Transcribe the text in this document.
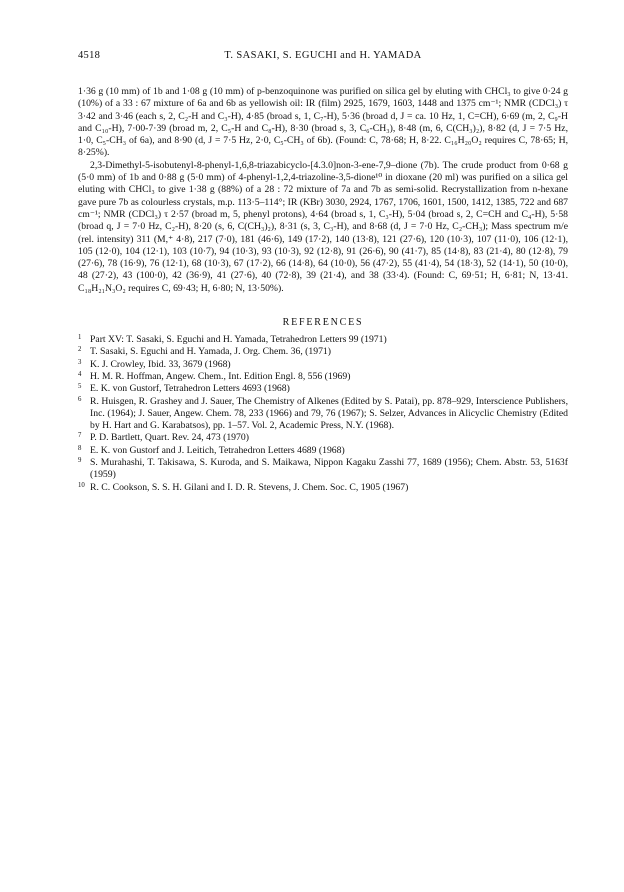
4518	T. SASAKI, S. EGUCHI and H. YAMADA

1·36 g (10 mm) of 1b and 1·08 g (10 mm) of p-benzoquinone was purified on silica gel by eluting with CHCl₃ to give 0·24 g (10%) of a 33 : 67 mixture of 6a and 6b as yellowish oil: IR (film) 2925, 1679, 1603, 1448 and 1375 cm⁻¹; NMR (CDCl₃) τ 3·42 and 3·46 (each s, 2, C₂-H and C₃-H), 4·85 (broad s, 1, C₇-H), 5·36 (broad d, J = ca. 10 Hz, 1, C=CH), 6·69 (m, 2, C₉-H and C₁₀-H), 7·00-7·39 (broad m, 2, C₅-H and C₈-H), 8·30 (broad s, 3, C₆-CH₃), 8·48 (m, 6, C(CH₃)₂), 8·82 (d, J = 7·5 Hz, 1·0, C₅-CH₃ of 6a), and 8·90 (d, J = 7·5 Hz, 2·0, C₅-CH₃ of 6b). (Found: C, 78·68; H, 8·22. C₁₆H₂₀O₂ requires C, 78·65; H, 8·25%).

2,3-Dimethyl-5-isobutenyl-8-phenyl-1,6,8-triazabicyclo-[4.3.0]non-3-ene-7,9–dione (7b). The crude product from 0·68 g (5·0 mm) of 1b and 0·88 g (5·0 mm) of 4-phenyl-1,2,4-triazoline-3,5-dione¹⁰ in dioxane (20 ml) was purified on a silica gel eluting with CHCl₃ to give 1·38 g (88%) of a 28 : 72 mixture of 7a and 7b as semi-solid. Recrystallization from n-hexane gave pure 7b as colourless crystals, m.p. 113·5–114°; IR (KBr) 3030, 2924, 1767, 1706, 1601, 1500, 1412, 1385, 722 and 687 cm⁻¹; NMR (CDCl₃) τ 2·57 (broad m, 5, phenyl protons), 4·64 (broad s, 1, C₃-H), 5·04 (broad s, 2, C=CH and C₄-H), 5·58 (broad q, J = 7·0 Hz, C₂-H), 8·20 (s, 6, C(CH₃)₂), 8·31 (s, 3, C₃-H), and 8·68 (d, J = 7·0 Hz, C₂-CH₃); Mass spectrum m/e (rel. intensity) 311 (M,⁺ 4·8), 217 (7·0), 181 (46·6), 149 (17·2), 140 (13·8), 121 (27·6), 120 (10·3), 107 (11·0), 106 (12·1), 105 (12·0), 104 (12·1), 103 (10·7), 94 (10·3), 93 (10·3), 92 (12·8), 91 (26·6), 90 (41·7), 85 (14·8), 83 (21·4), 80 (12·8), 79 (27·6), 78 (16·9), 76 (12·1), 68 (10·3), 67 (17·2), 66 (14·8), 64 (10·0), 56 (47·2), 55 (41·4), 54 (18·3), 52 (14·1), 50 (10·0), 48 (27·2), 43 (100·0), 42 (36·9), 41 (27·6), 40 (72·8), 39 (21·4), and 38 (33·4). (Found: C, 69·51; H, 6·81; N, 13·41. C₁₈H₂₁N₃O₂ requires C, 69·43; H, 6·80; N, 13·50%).

REFERENCES
1 Part XV: T. Sasaki, S. Eguchi and H. Yamada, Tetrahedron Letters 99 (1971)
2 T. Sasaki, S. Eguchi and H. Yamada, J. Org. Chem. 36, (1971)
3 K. J. Crowley, Ibid. 33, 3679 (1968)
4 H. M. R. Hoffman, Angew. Chem., Int. Edition Engl. 8, 556 (1969)
5 E. K. von Gustorf, Tetrahedron Letters 4693 (1968)
6 R. Huisgen, R. Grashey and J. Sauer, The Chemistry of Alkenes (Edited by S. Patai), pp. 878–929, Interscience Publishers, Inc. (1964); J. Sauer, Angew. Chem. 78, 233 (1966) and 79, 76 (1967); S. Selzer, Advances in Alicyclic Chemistry (Edited by H. Hart and G. Karabatsos), pp. 1–57. Vol. 2, Academic Press, N.Y. (1968).
7 P. D. Bartlett, Quart. Rev. 24, 473 (1970)
8 E. K. von Gustorf and J. Leitich, Tetrahedron Letters 4689 (1968)
9 S. Murahashi, T. Takisawa, S. Kuroda, and S. Maikawa, Nippon Kagaku Zasshi 77, 1689 (1956); Chem. Abstr. 53, 5163f (1959)
10 R. C. Cookson, S. S. H. Gilani and I. D. R. Stevens, J. Chem. Soc. C, 1905 (1967)
